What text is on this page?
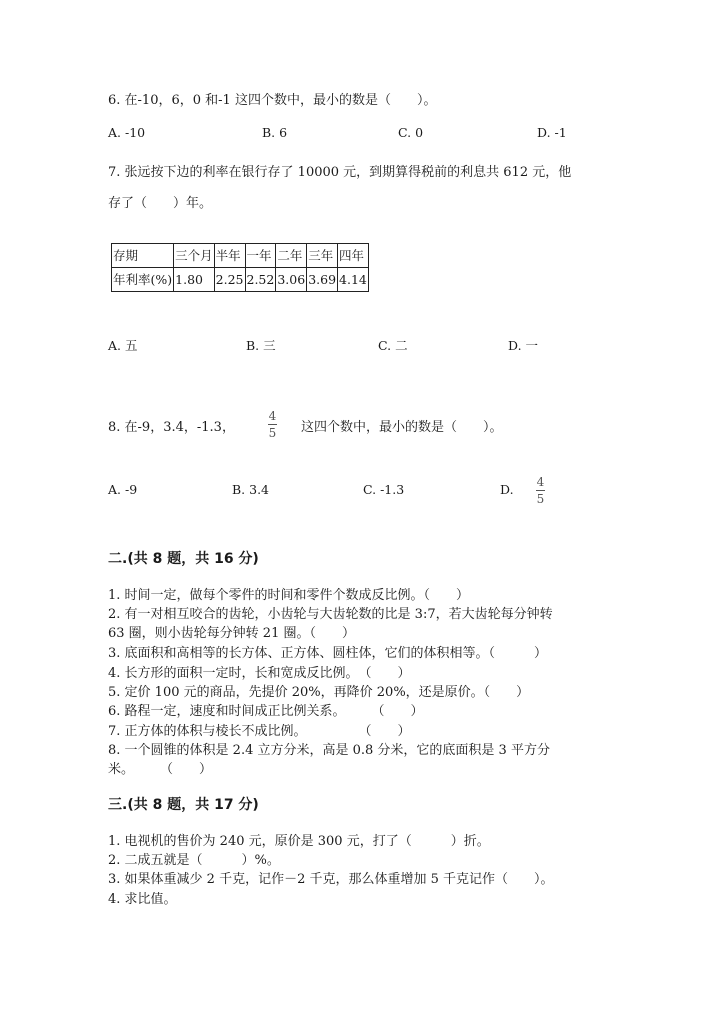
6. 在-10，6，0 和-1 这四个数中，最小的数是（　　）。
A. -10	B. 6	C. 0	D. -1
7. 张远按下边的利率在银行存了 10000 元，到期算得税前的利息共 612 元，他
存了（　　）年。
存期	三个月	半年	一年	二年	三年	四年
年利率(%)	1.80	2.25	2.52	3.06	3.69	4.14
A. 五	B. 三	C. 二	D. 一
8. 在-9，3.4，-1.3，
4
5 这四个数中，最小的数是（　　）。
A. -9	B. 3.4	C. -1.3	D. 4
5
二.(共 8 题，共 16 分)
1. 时间一定，做每个零件的时间和零件个数成反比例。（　　）
2. 有一对相互咬合的齿轮，小齿轮与大齿轮数的比是 3:7，若大齿轮每分钟转
63 圈，则小齿轮每分钟转 21 圈。（　　）
3. 底面积和高相等的长方体、正方体、圆柱体，它们的体积相等。（　　　）
4. 长方形的面积一定时，长和宽成反比例。　（　　）
5. 定价 100 元的商品，先提价 20%，再降价 20%，还是原价。（　　）
6. 路程一定，速度和时间成正比例关系。　　　（　　）
7. 正方体的体积与棱长不成比例。　　　　　（　　）
8. 一个圆锥的体积是 2.4 立方分米，高是 0.8 分米，它的底面积是 3 平方分
米。　　　（　　）
三.(共 8 题，共 17 分)
1. 电视机的售价为 240 元，原价是 300 元，打了（　　　）折。
2. 二成五就是（　　　）%。
3. 如果体重减少 2 千克，记作－2 千克，那么体重增加 5 千克记作（　　）。
4. 求比值。
